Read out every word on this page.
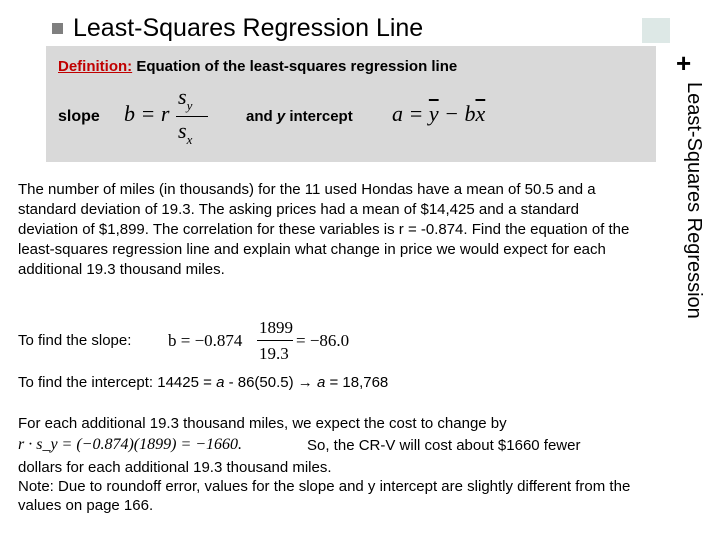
Least-Squares Regression Line
+
Least-Squares Regression
Definition: Equation of the least-squares regression line
slope b = r
$s_y$
$s_x$
and y intercept $a = \overline{y} - b\overline{x}$
The number of miles (in thousands) for the 11 used Hondas have a mean of 50.5 and a standard deviation of 19.3. The asking prices had a mean of $14,425 and a standard deviation of $1,899. The correlation for these variables is r = -0.874. Find the equation of the least-squares regression line and explain what change in price we would expect for each additional 19.3 thousand miles.
To find the slope: b = −0.874
1899
19.3
= −86.0
To find the intercept: 14425 = a - 86(50.5) → a = 18,768
For each additional 19.3 thousand miles, we expect the cost to change by
r · s_y = (−0.874)(1899) = −1660.	So, the CR-V will cost about $1660 fewer
dollars for each additional 19.3 thousand miles.
Note: Due to roundoff error, values for the slope and y intercept are slightly different from the values on page 166.
